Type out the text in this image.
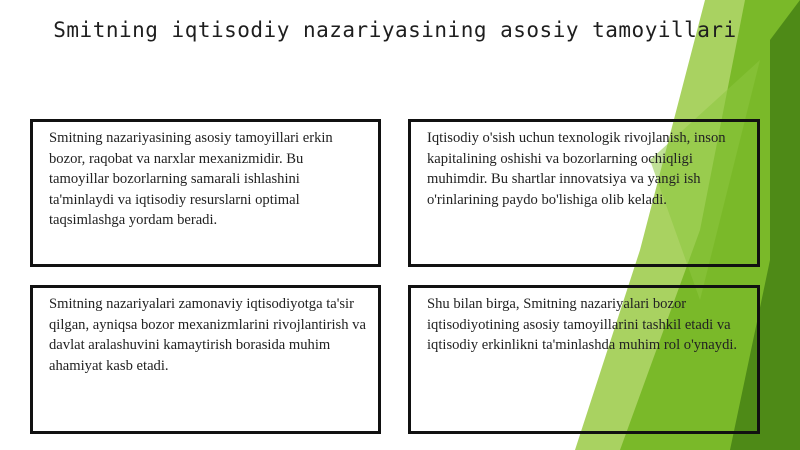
Smitning iqtisodiy nazariyasining asosiy tamoyillari

Smitning nazariyasining asosiy tamoyillari erkin bozor, raqobat va narxlar mexanizmidir. Bu tamoyillar bozorlarning samarali ishlashini ta'minlaydi va iqtisodiy resurslarni optimal taqsimlashga yordam beradi.

Iqtisodiy o'sish uchun texnologik rivojlanish, inson kapitalining oshishi va bozorlarning ochiqligi muhimdir. Bu shartlar innovatsiya va yangi ish o'rinlarining paydo bo'lishiga olib keladi.

Smitning nazariyalari zamonaviy iqtisodiyotga ta'sir qilgan, ayniqsa bozor mexanizmlarini rivojlantirish va davlat aralashuvini kamaytirish borasida muhim ahamiyat kasb etadi.

Shu bilan birga, Smitning nazariyalari bozor iqtisodiyotining asosiy tamoyillarini tashkil etadi va iqtisodiy erkinlikni ta'minlashda muhim rol o'ynaydi.
